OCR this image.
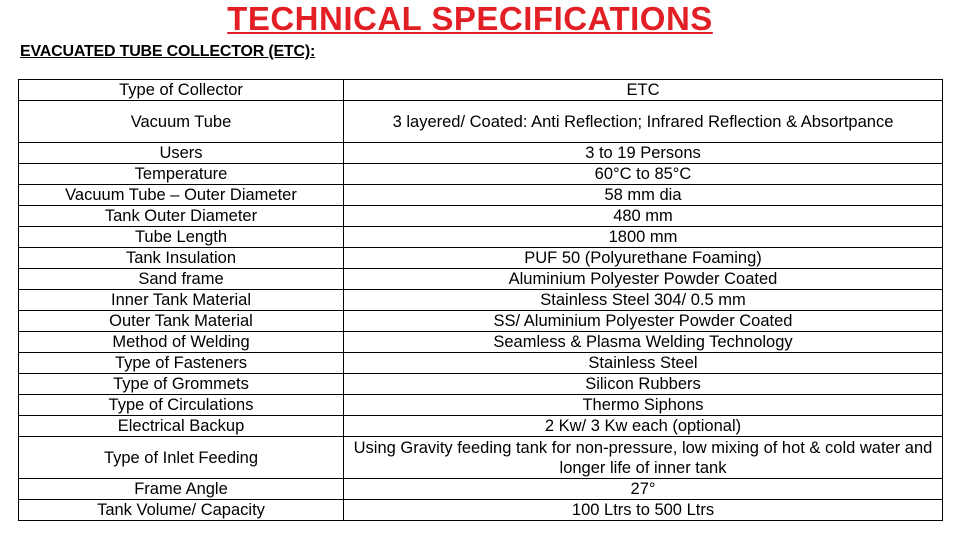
TECHNICAL SPECIFICATIONS
EVACUATED TUBE COLLECTOR (ETC):
Type of Collector	ETC
Vacuum Tube	3 layered/ Coated: Anti Reflection; Infrared Reflection & Absortpance
Users	3 to 19 Persons
Temperature	60°C to 85°C
Vacuum Tube – Outer Diameter	58 mm dia
Tank Outer Diameter	480 mm
Tube Length	1800 mm
Tank Insulation	PUF 50 (Polyurethane Foaming)
Sand frame	Aluminium Polyester Powder Coated
Inner Tank Material	Stainless Steel 304/ 0.5 mm
Outer Tank Material	SS/ Aluminium Polyester Powder Coated
Method of Welding	Seamless & Plasma Welding Technology
Type of Fasteners	Stainless Steel
Type of Grommets	Silicon Rubbers
Type of Circulations	Thermo Siphons
Electrical Backup	2 Kw/ 3 Kw each (optional)
Type of Inlet Feeding	Using Gravity feeding tank for non-pressure, low mixing of hot & cold water and longer life of inner tank
Frame Angle	27°
Tank Volume/ Capacity	100 Ltrs to 500 Ltrs
